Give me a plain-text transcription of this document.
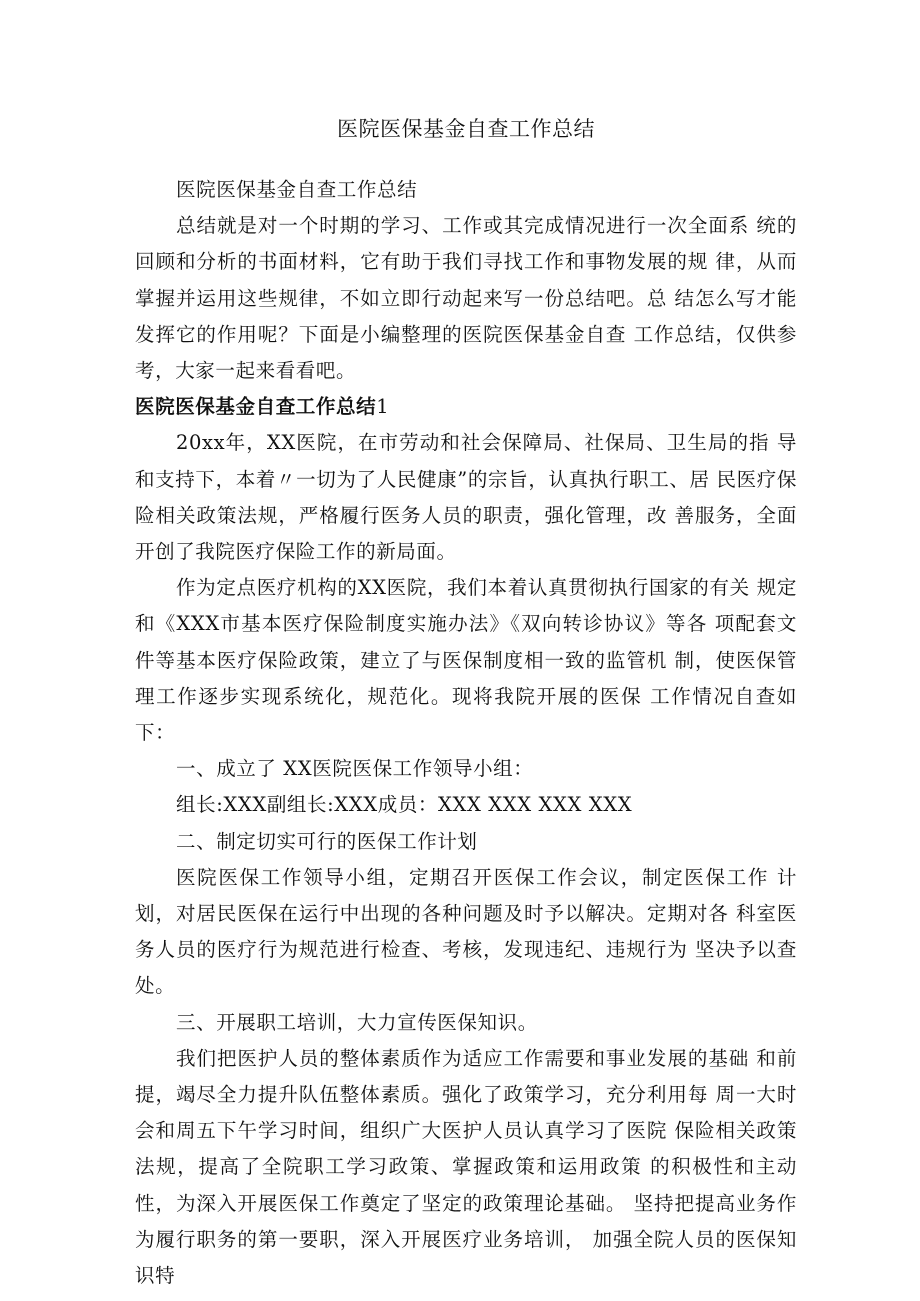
医院医保基金自查工作总结

医院医保基金自查工作总结

总结就是对一个时期的学习、工作或其完成情况进行一次全面系 统的回顾和分析的书面材料，它有助于我们寻找工作和事物发展的规 律，从而掌握并运用这些规律，不如立即行动起来写一份总结吧。总 结怎么写才能发挥它的作用呢？下面是小编整理的医院医保基金自查 工作总结，仅供参考，大家一起来看看吧。

医院医保基金自查工作总结1

20xx年，XX医院，在市劳动和社会保障局、社保局、卫生局的指 导和支持下，本着〃一切为了人民健康”的宗旨，认真执行职工、居 民医疗保险相关政策法规，严格履行医务人员的职责，强化管理，改 善服务，全面开创了我院医疗保险工作的新局面。

作为定点医疗机构的XX医院，我们本着认真贯彻执行国家的有关 规定和《XXX市基本医疗保险制度实施办法》《双向转诊协议》等各 项配套文件等基本医疗保险政策，建立了与医保制度相一致的监管机 制，使医保管理工作逐步实现系统化，规范化。现将我院开展的医保 工作情况自查如下：

一、成立了 XX医院医保工作领导小组：

组长:XXX副组长:XXX成员：XXX XXX XXX XXX

二、制定切实可行的医保工作计划

医院医保工作领导小组，定期召开医保工作会议，制定医保工作 计划，对居民医保在运行中出现的各种问题及时予以解决。定期对各 科室医务人员的医疗行为规范进行检查、考核，发现违纪、违规行为 坚决予以查处。

三、开展职工培训，大力宣传医保知识。

我们把医护人员的整体素质作为适应工作需要和事业发展的基础 和前提，竭尽全力提升队伍整体素质。强化了政策学习，充分利用每 周一大时会和周五下午学习时间，组织广大医护人员认真学习了医院 保险相关政策法规，提高了全院职工学习政策、掌握政策和运用政策 的积极性和主动性，为深入开展医保工作奠定了坚定的政策理论基础。 坚持把提高业务作为履行职务的第一要职，深入开展医疗业务培训， 加强全院人员的医保知识特
